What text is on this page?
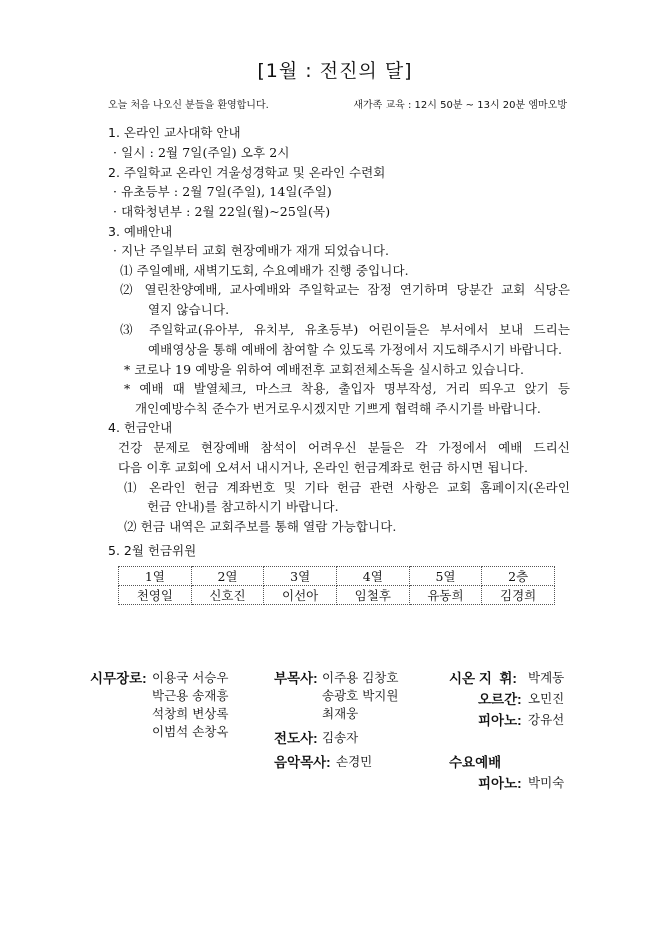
[1월 : 전진의 달]
오늘 처음 나오신 분들을 환영합니다.	새가족 교육 : 12시 50분 ~ 13시 20분 엠마오방
1. 온라인 교사대학 안내
· 일시 : 2월 7일(주일) 오후 2시
2. 주일학교 온라인 겨울성경학교 및 온라인 수련회
· 유초등부 : 2월 7일(주일), 14일(주일)
· 대학청년부 : 2월 22일(월)~25일(목)
3. 예배안내
· 지난 주일부터 교회 현장예배가 재개 되었습니다.
⑴ 주일예배, 새벽기도회, 수요예배가 진행 중입니다.
⑵ 열린찬양예배, 교사예배와 주일학교는 잠정 연기하며 당분간 교회 식당은
열지 않습니다.
⑶ 주일학교(유아부, 유치부, 유초등부) 어린이들은 부서에서 보내 드리는
예배영상을 통해 예배에 참여할 수 있도록 가정에서 지도해주시기 바랍니다.
* 코로나 19 예방을 위하여 예배전후 교회전체소독을 실시하고 있습니다.
* 예배 때 발열체크, 마스크 착용, 출입자 명부작성, 거리 띄우고 앉기 등
개인예방수칙 준수가 번거로우시겠지만 기쁘게 협력해 주시기를 바랍니다.
4. 헌금안내
건강 문제로 현장예배 참석이 어려우신 분들은 각 가정에서 예배 드리신
다음 이후 교회에 오셔서 내시거나, 온라인 헌금계좌로 헌금 하시면 됩니다.
⑴ 온라인 헌금 계좌번호 및 기타 헌금 관련 사항은 교회 홈페이지(온라인
헌금 안내)를 참고하시기 바랍니다.
⑵ 헌금 내역은 교회주보를 통해 열람 가능합니다.
5. 2월 헌금위원
1열	2열	3열	4열	5열	2층
천영일	신호진	이선아	임철후	유동희	김경희
시무장로: 이용국 서승우
박근용 송재흥
석창희 변상록
이범석 손창옥
부목사: 이주용 김창호
송광호 박지원
최재웅
전도사: 김송자
음악목사: 손경민
시온 지  휘: 박계동
오르간: 오민진
피아노: 강유선
수요예배
피아노: 박미숙
